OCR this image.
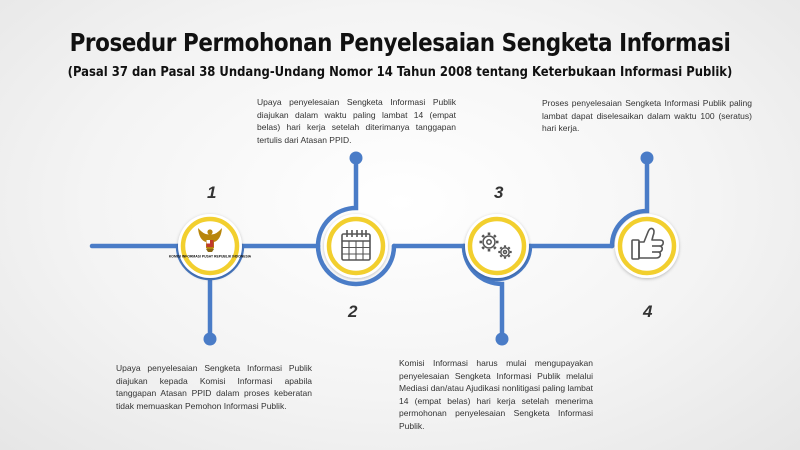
Prosedur Permohonan Penyelesaian Sengketa Informasi
(Pasal 37 dan Pasal 38 Undang-Undang Nomor 14 Tahun 2008 tentang Keterbukaan Informasi Publik)
KOMISI INFORMASI PUSAT REPUBLIK INDONESIA
1
2
3
4
Upaya penyelesaian Sengketa Informasi Publik diajukan dalam waktu paling lambat 14 (empat belas) hari kerja setelah diterimanya tanggapan tertulis dari Atasan PPID.
Proses penyelesaian Sengketa Informasi Publik paling lambat dapat diselesaikan dalam waktu 100 (seratus) hari kerja.
Upaya penyelesaian Sengketa Informasi Publik diajukan kepada Komisi Informasi apabila tanggapan Atasan PPID dalam proses keberatan tidak memuaskan Pemohon Informasi Publik.
Komisi Informasi harus mulai mengupayakan penyelesaian Sengketa Informasi Publik melalui Mediasi dan/atau Ajudikasi nonlitigasi paling lambat 14 (empat belas) hari kerja setelah menerima permohonan penyelesaian Sengketa Informasi Publik.
